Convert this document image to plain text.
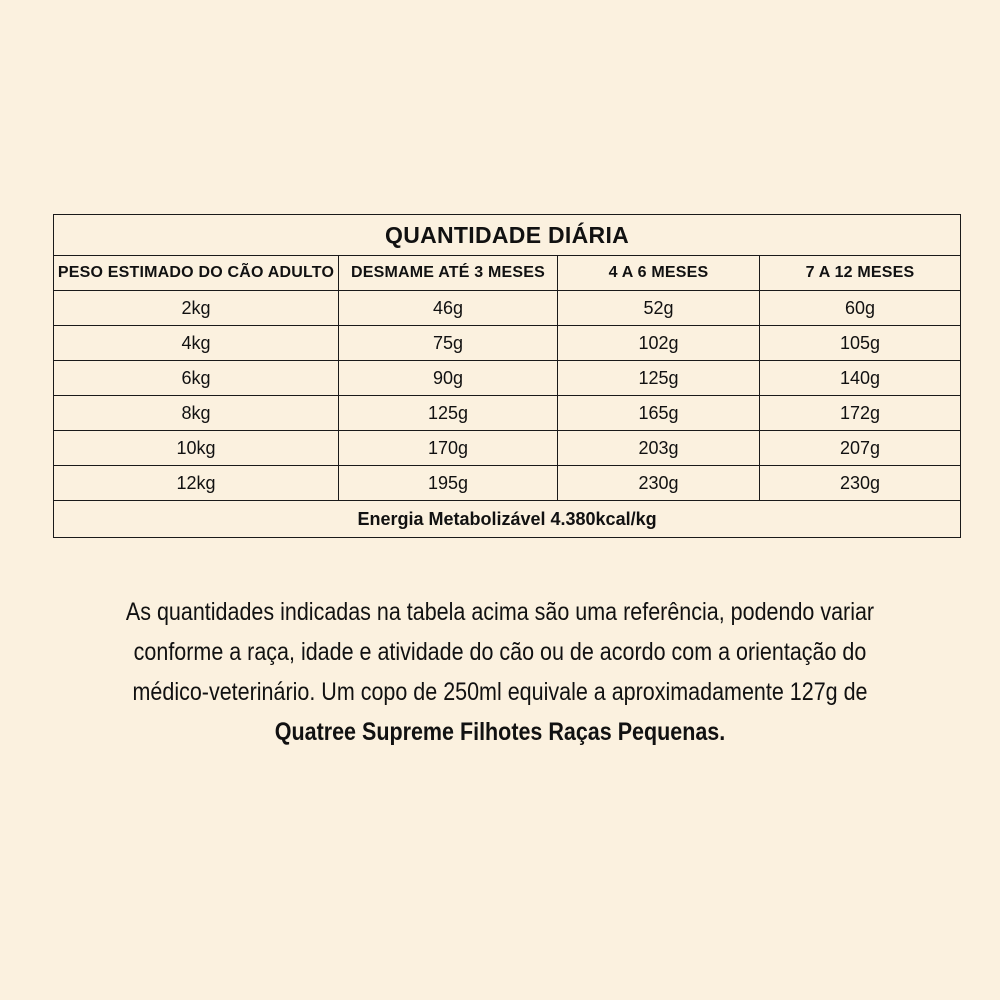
QUANTIDADE DIÁRIA			
PESO ESTIMADO DO CÃO ADULTO	DESMAME ATÉ 3 MESES	4 A 6 MESES	7 A 12 MESES
2kg	46g	52g	60g
4kg	75g	102g	105g
6kg	90g	125g	140g
8kg	125g	165g	172g
10kg	170g	203g	207g
12kg	195g	230g	230g
Energia Metabolizável 4.380kcal/kg			

As quantidades indicadas na tabela acima são uma referência, podendo variar

conforme a raça, idade e atividade do cão ou de acordo com a orientação do

médico-veterinário. Um copo de 250ml equivale a aproximadamente 127g de

Quatree Supreme Filhotes Raças Pequenas.
